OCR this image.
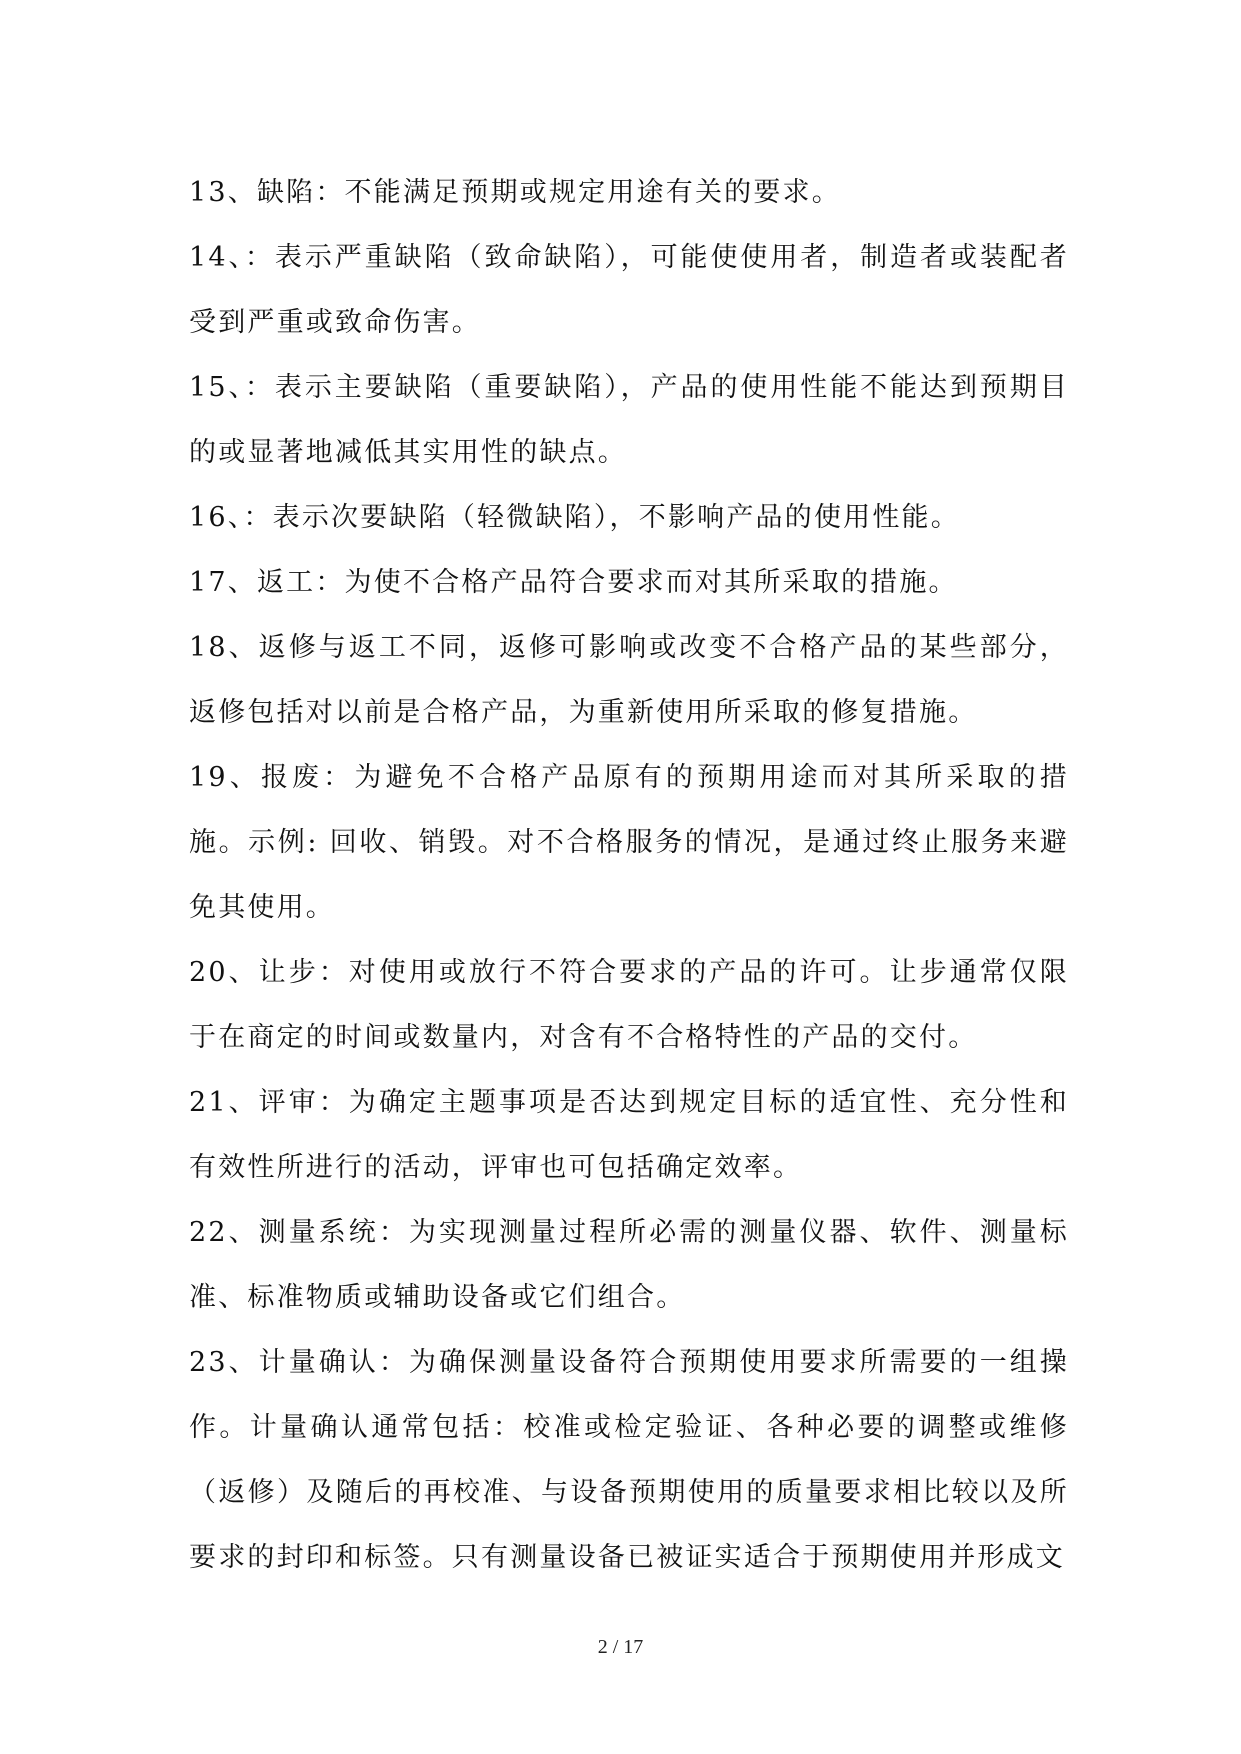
13、缺陷：不能满足预期或规定用途有关的要求。

14、：表示严重缺陷（致命缺陷），可能使使用者，制造者或装配者受到严重或致命伤害。

15、：表示主要缺陷（重要缺陷），产品的使用性能不能达到预期目的或显著地减低其实用性的缺点。

16、：表示次要缺陷（轻微缺陷），不影响产品的使用性能。

17、返工：为使不合格产品符合要求而对其所采取的措施。

18、返修与返工不同，返修可影响或改变不合格产品的某些部分，返修包括对以前是合格产品，为重新使用所采取的修复措施。

19、报废：为避免不合格产品原有的预期用途而对其所采取的措施。示例: 回收、销毁。对不合格服务的情况，是通过终止服务来避免其使用。

20、让步：对使用或放行不符合要求的产品的许可。让步通常仅限于在商定的时间或数量内，对含有不合格特性的产品的交付。

21、评审：为确定主题事项是否达到规定目标的适宜性、充分性和有效性所进行的活动，评审也可包括确定效率。

22、测量系统：为实现测量过程所必需的测量仪器、软件、测量标准、标准物质或辅助设备或它们组合。

23、计量确认：为确保测量设备符合预期使用要求所需要的一组操作。计量确认通常包括：校准或检定验证、各种必要的调整或维修（返修）及随后的再校准、与设备预期使用的质量要求相比较以及所要求的封印和标签。只有测量设备已被证实适合于预期使用并形成文

2 / 17
